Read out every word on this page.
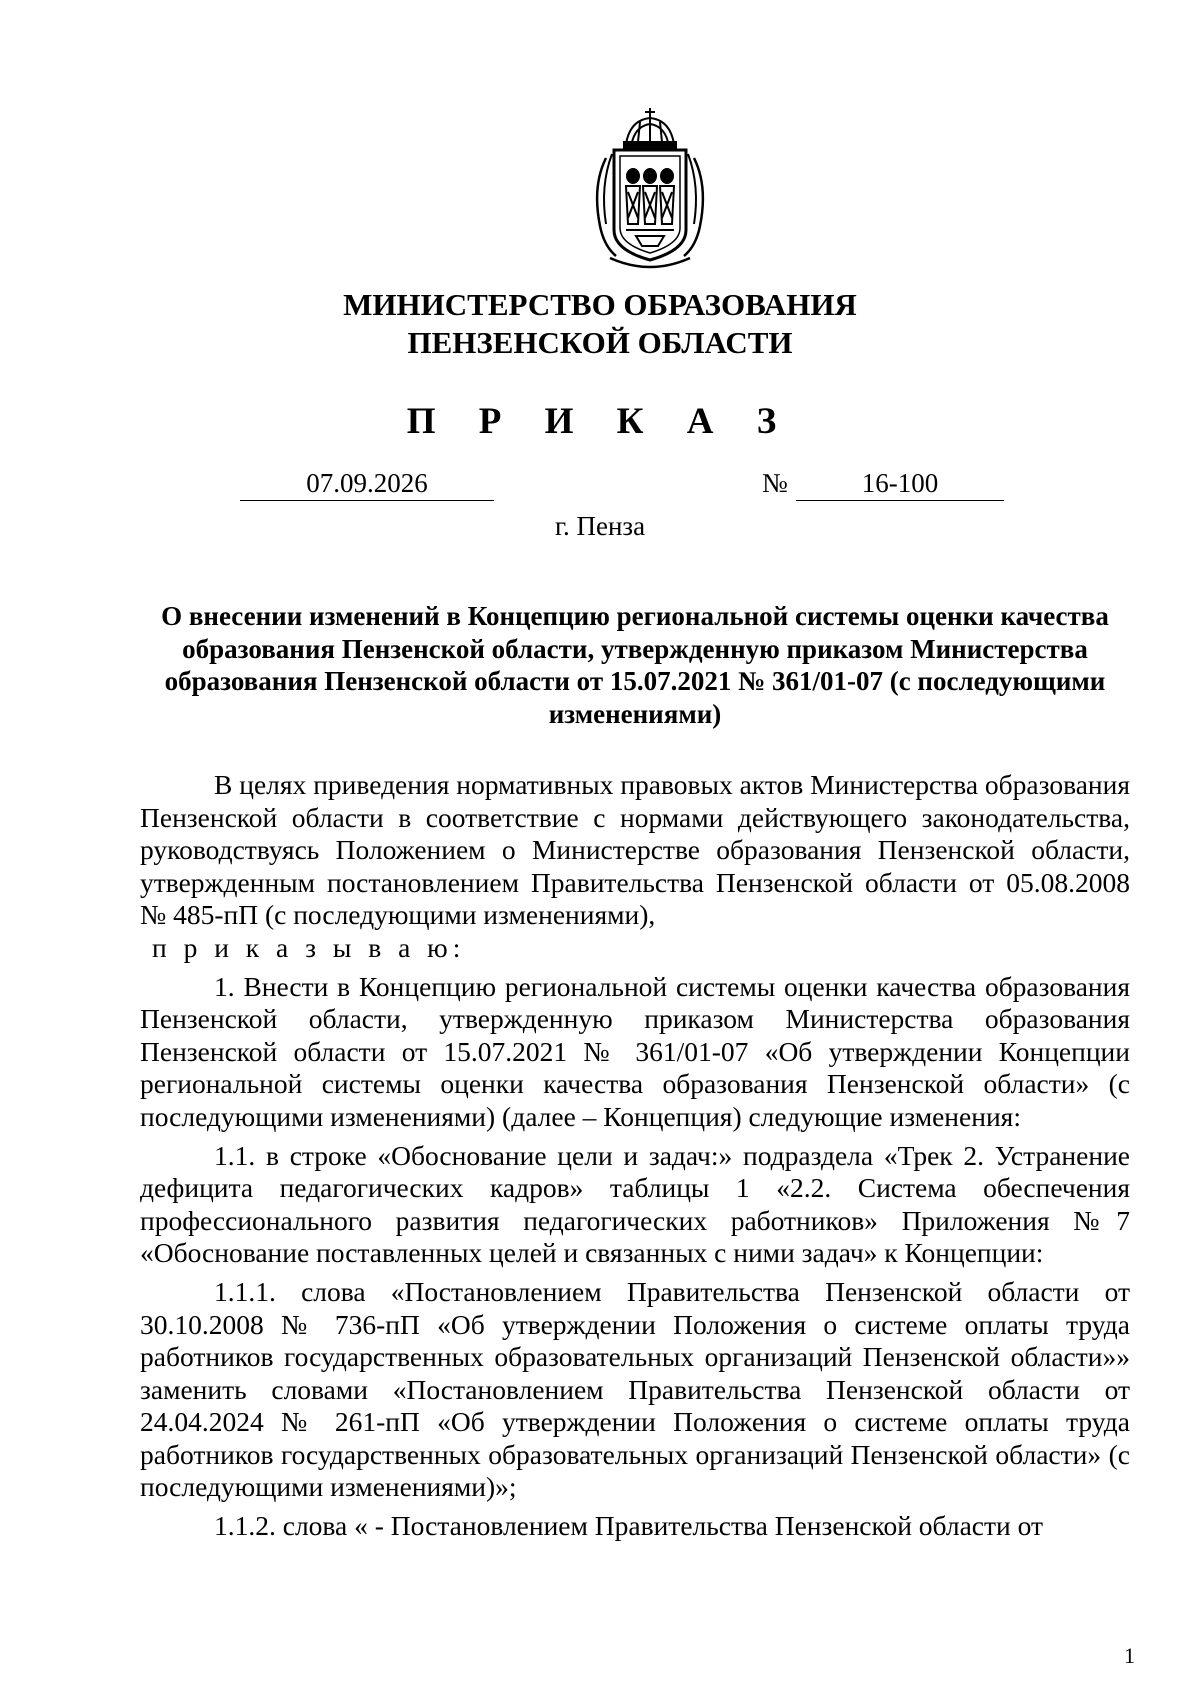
МИНИСТЕРСТВО ОБРАЗОВАНИЯ
ПЕНЗЕНСКОЙ ОБЛАСТИ
П Р И К А З
07.09.2026	№	16-100
г. Пенза
О внесении изменений в Концепцию региональной системы оценки качества образования Пензенской области, утвержденную приказом Министерства образования Пензенской области от 15.07.2021 № 361/01-07 (с последующими изменениями)

В целях приведения нормативных правовых актов Министерства образования Пензенской области в соответствие с нормами действующего законодательства, руководствуясь Положением о Министерстве образования Пензенской области, утвержденным постановлением Правительства Пензенской области от 05.08.2008 № 485-пП (с последующими изменениями),
п р и к а з ы в а ю:

1. Внести в Концепцию региональной системы оценки качества образования Пензенской области, утвержденную приказом Министерства образования Пензенской области от 15.07.2021 № 361/01-07 «Об утверждении Концепции региональной системы оценки качества образования Пензенской области» (с последующими изменениями) (далее – Концепция) следующие изменения:

1.1. в строке «Обоснование цели и задач:» подраздела «Трек 2. Устранение дефицита педагогических кадров» таблицы 1 «2.2. Система обеспечения профессионального развития педагогических работников» Приложения №7 «Обоснование поставленных целей и связанных с ними задач» к Концепции:

1.1.1. слова «Постановлением Правительства Пензенской области от 30.10.2008 № 736-пП «Об утверждении Положения о системе оплаты труда работников государственных образовательных организаций Пензенской области»» заменить словами «Постановлением Правительства Пензенской области от 24.04.2024 № 261-пП «Об утверждении Положения о системе оплаты труда работников государственных образовательных организаций Пензенской области» (с последующими изменениями)»;

1.1.2. слова « - Постановлением Правительства Пензенской области от

1
